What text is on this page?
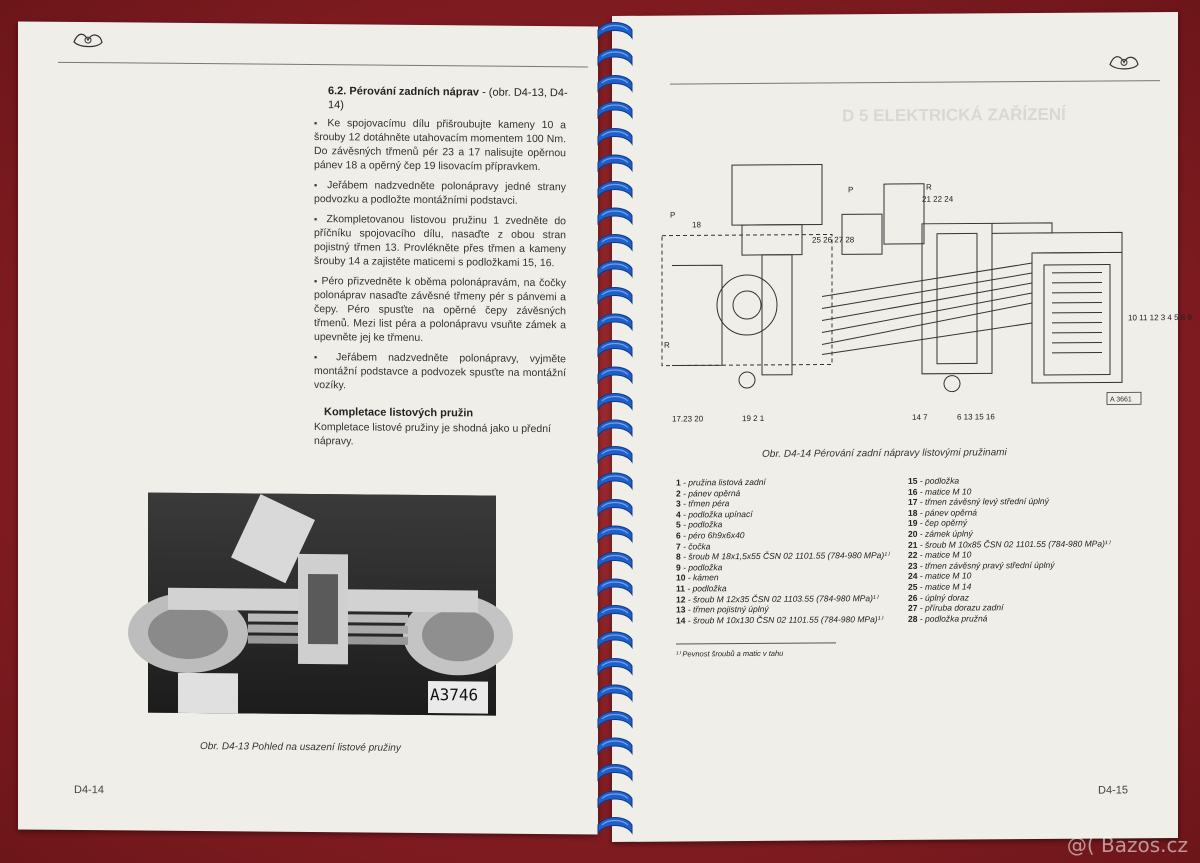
6.2. Pérování zadních náprav - (obr. D4-13, D4-14)
▪ Ke spojovacímu dílu přišroubujte kameny 10 a šrouby 12 dotáhněte utahovacím momentem 100 Nm. Do závěsných třmenů pér 23 a 17 nalisujte opěrnou pánev 18 a opěrný čep 19 lisovacím přípravkem.
▪ Jeřábem nadzvedněte polonápravy jedné strany podvozku a podložte montážními podstavci.
▪ Zkompletovanou listovou pružinu 1 zvedněte do příčníku spojovacího dílu, nasaďte z obou stran pojistný třmen 13. Provlékněte přes třmen a kameny šrouby 14 a zajistěte maticemi s podložkami 15, 16.
▪ Péro přizvedněte k oběma polonápravám, na čočky polonáprav nasaďte závěsné třmeny pér s pánvemi a čepy. Péro spusťte na opěrné čepy závěsných třmenů. Mezi list péra a polonápravu vsuňte zámek a upevněte jej ke třmenu.
▪ Jeřábem nadzvedněte polonápravy, vyjměte montážní podstavce a podvozek spusťte na montážní vozíky.
Kompletace listových pružin
Kompletace listové pružiny je shodná jako u přední nápravy.
A3746
Obr. D4-13 Pohled na usazení listové pružiny
D4-14
D 5 ELEKTRICKÁ ZAŘÍZENÍ
A 3661
P
18
R
P	R
21 22 24
25 26 27 28
17.23 20	19 2 1	14 7	6 13 15 16
10 11 12 3 4 5 8 9
Obr. D4-14 Pérování zadní nápravy listovými pružinami
1 - pružina listová zadní
2 - pánev opěrná
3 - třmen péra
4 - podložka upínací
5 - podložka
6 - péro 6h9x6x40
7 - čočka
8 - šroub M 18x1,5x55 ČSN 02 1101.55 (784-980 MPa)¹⁾
9 - podložka
10 - kámen
11 - podložka
12 - šroub M 12x35 ČSN 02 1103.55 (784-980 MPa)¹⁾
13 - třmen pojistný úplný
14 - šroub M 10x130 ČSN 02 1101.55 (784-980 MPa)¹⁾
15 - podložka
16 - matice M 10
17 - třmen závěsný levý střední úplný
18 - pánev opěrná
19 - čep opěrný
20 - zámek úplný
21 - šroub M 10x85 ČSN 02 1101.55 (784-980 MPa)¹⁾
22 - matice M 10
23 - třmen závěsný pravý střední úplný
24 - matice M 10
25 - matice M 14
26 - úplný doraz
27 - příruba dorazu zadní
28 - podložka pružná
¹⁾ Pevnost šroubů a matic v tahu
D4-15
@( Bazos.cz
